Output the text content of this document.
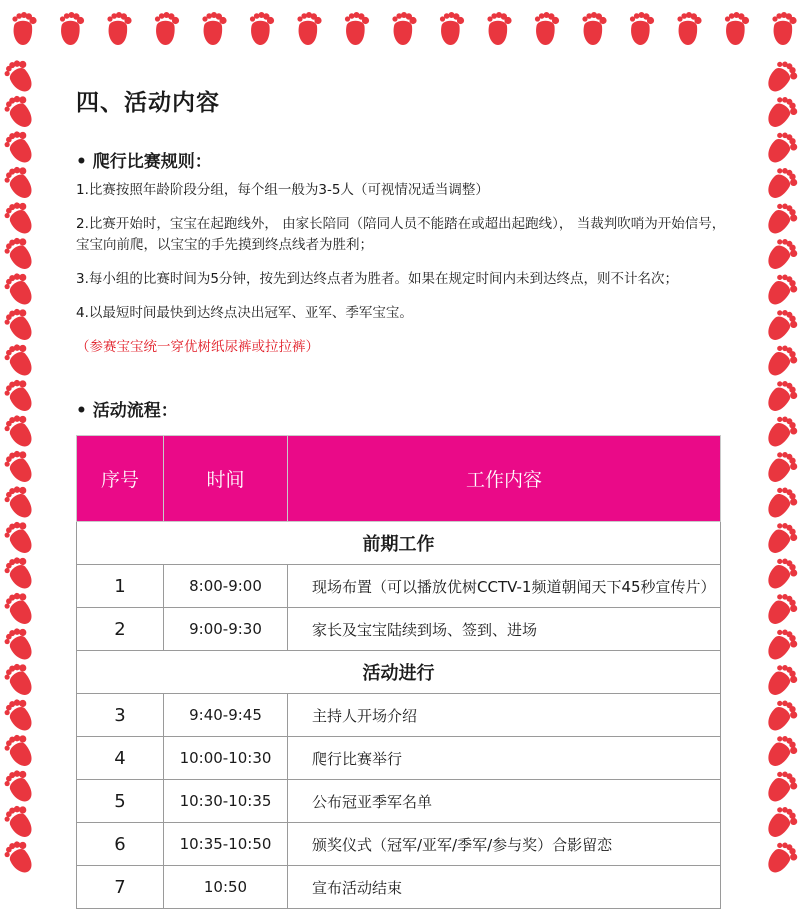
四、活动内容
• 爬行比赛规则：
1.比赛按照年龄阶段分组，每个组一般为3-5人（可视情况适当调整）
2.比赛开始时，宝宝在起跑线外， 由家长陪同（陪同人员不能踏在或超出起跑线）， 当裁判吹哨为开始信号，宝宝向前爬，以宝宝的手先摸到终点线者为胜利；
3.每小组的比赛时间为5分钟，按先到达终点者为胜者。如果在规定时间内未到达终点，则不计名次；
4.以最短时间最快到达终点决出冠军、亚军、季军宝宝。
（参赛宝宝统一穿优树纸尿裤或拉拉裤）
• 活动流程：
序号	时间	工作内容
前期工作		
1	8:00-9:00	现场布置（可以播放优树CCTV-1频道朝闻天下45秒宣传片）
2	9:00-9:30	家长及宝宝陆续到场、签到、进场
活动进行		
3	9:40-9:45	主持人开场介绍
4	10:00-10:30	爬行比赛举行
5	10:30-10:35	公布冠亚季军名单
6	10:35-10:50	颁奖仪式（冠军/亚军/季军/参与奖）合影留恋
7	10:50	宣布活动结束
